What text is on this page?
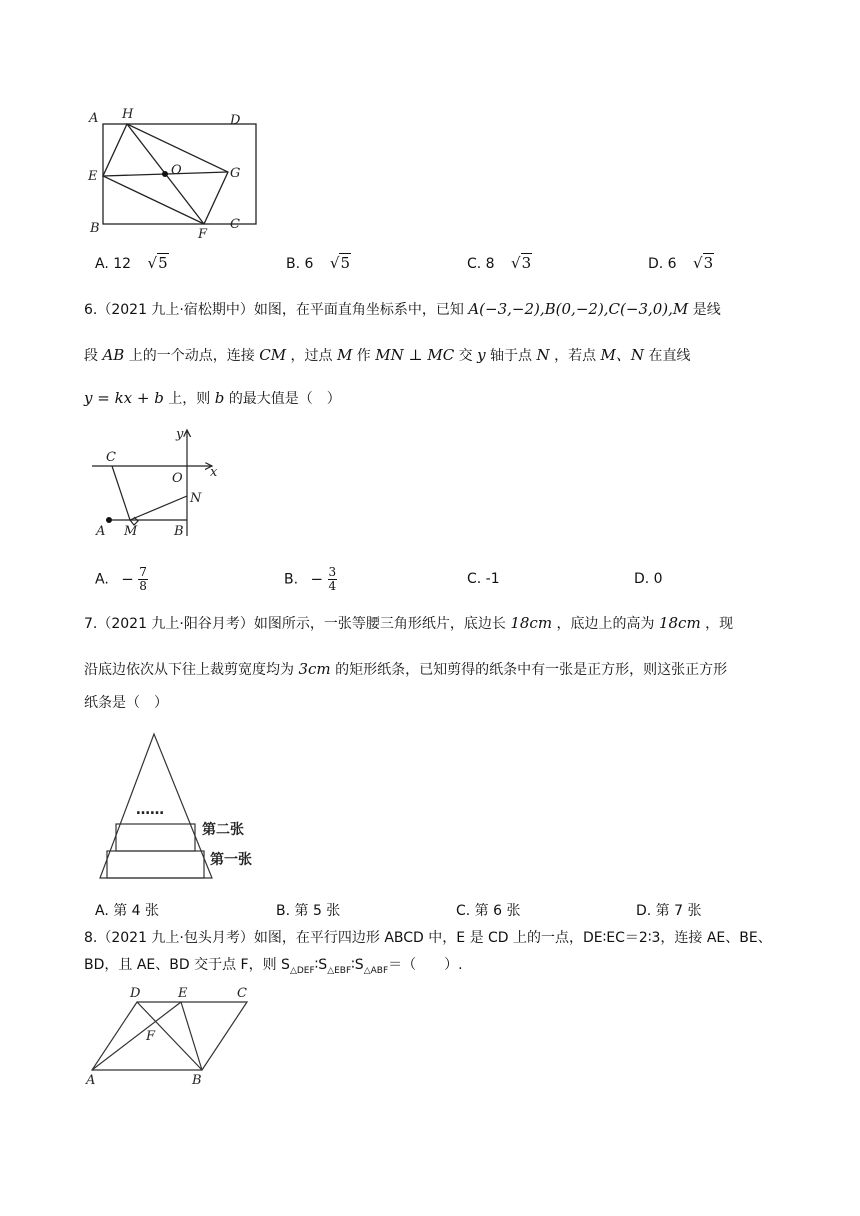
A H	D
E	O	G
B	F
C
A. 12 √5	B. 6 √5	C. 8 √3	D. 6 √3
6.（2021 九上·宿松期中）如图，在平面直角坐标系中，已知 A(−3,−2),B(0,−2),C(−3,0),M 是线
段 AB 上的一个动点，连接 CM ，过点 M 作 MN ⊥ MC 交 y 轴于点 N ，若点 M、N 在直线
y = kx + b 上，则 b 的最大值是（　）
y
C
O x
N
A M	B
A. − $\frac{7}{8}$	B. − $\frac{3}{4}$	C. -1	D. 0
7.（2021 九上·阳谷月考）如图所示，一张等腰三角形纸片，底边长 18cm ，底边上的高为 18cm ，现
沿底边依次从下往上裁剪宽度均为 3cm 的矩形纸条，已知剪得的纸条中有一张是正方形，则这张正方形
纸条是（　）
……
第二张
第一张
A. 第 4 张	B. 第 5 张	C. 第 6 张	D. 第 7 张
8.（2021 九上·包头月考）如图，在平行四边形 ABCD 中，E 是 CD 上的一点，DE∶EC＝2∶3，连接 AE、BE、
BD，且 AE、BD 交于点 F，则 $S_{\triangle DEF}∶S_{\triangle EBF}∶S_{\triangle ABF}=$（　　）.
D	E	C
F
A	B
